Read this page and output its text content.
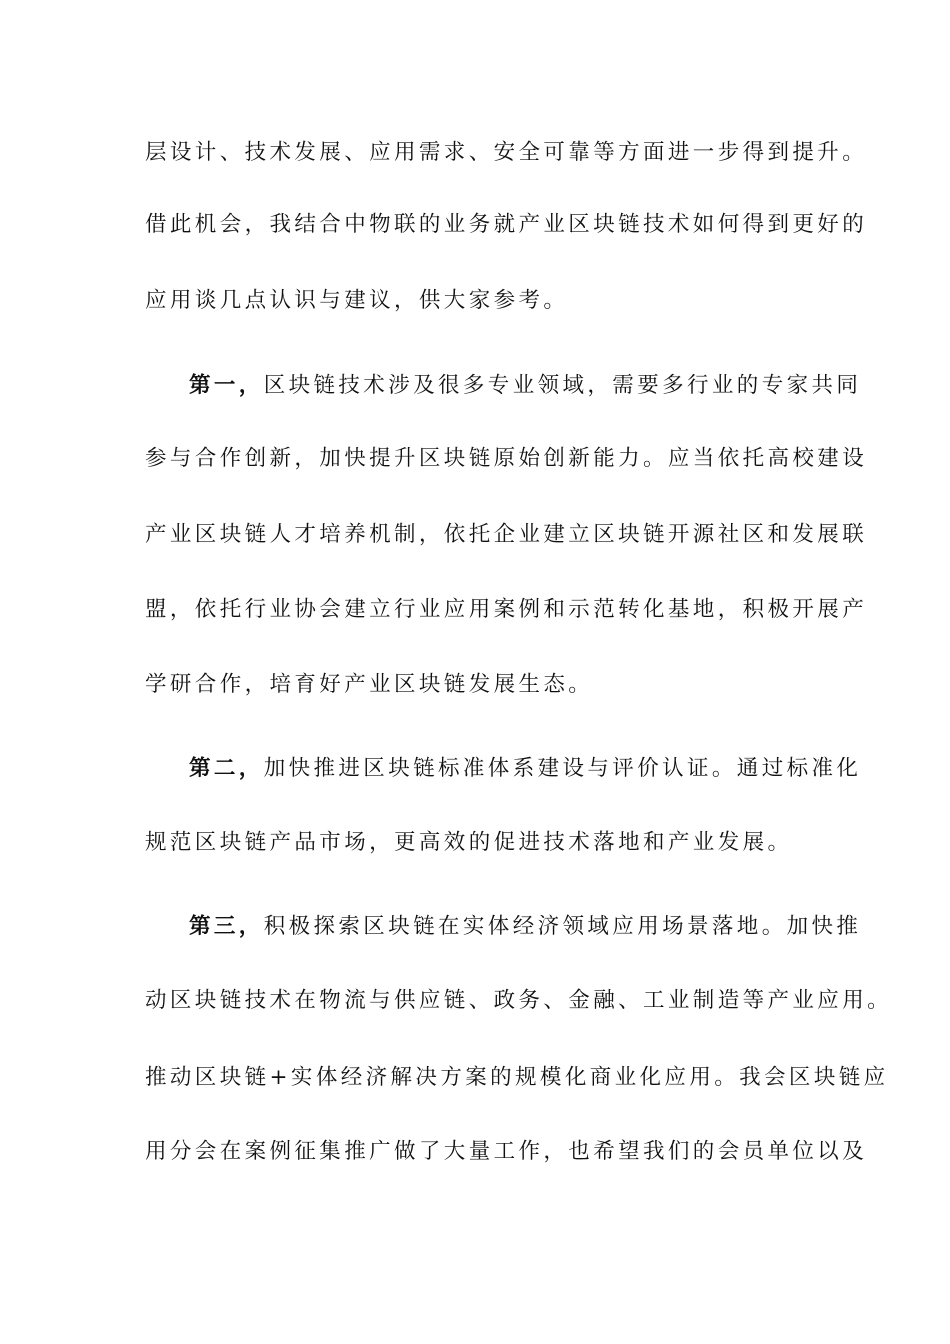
层设计、技术发展、应用需求、安全可靠等方面进一步得到提升。
借此机会，我结合中物联的业务就产业区块链技术如何得到更好的
应用谈几点认识与建议，供大家参考。
第一，区块链技术涉及很多专业领域，需要多行业的专家共同
参与合作创新，加快提升区块链原始创新能力。应当依托高校建设
产业区块链人才培养机制，依托企业建立区块链开源社区和发展联
盟，依托行业协会建立行业应用案例和示范转化基地，积极开展产
学研合作，培育好产业区块链发展生态。
第二，加快推进区块链标准体系建设与评价认证。通过标准化
规范区块链产品市场，更高效的促进技术落地和产业发展。
第三，积极探索区块链在实体经济领域应用场景落地。加快推
动区块链技术在物流与供应链、政务、金融、工业制造等产业应用。
推动区块链+实体经济解决方案的规模化商业化应用。我会区块链应
用分会在案例征集推广做了大量工作，也希望我们的会员单位以及
